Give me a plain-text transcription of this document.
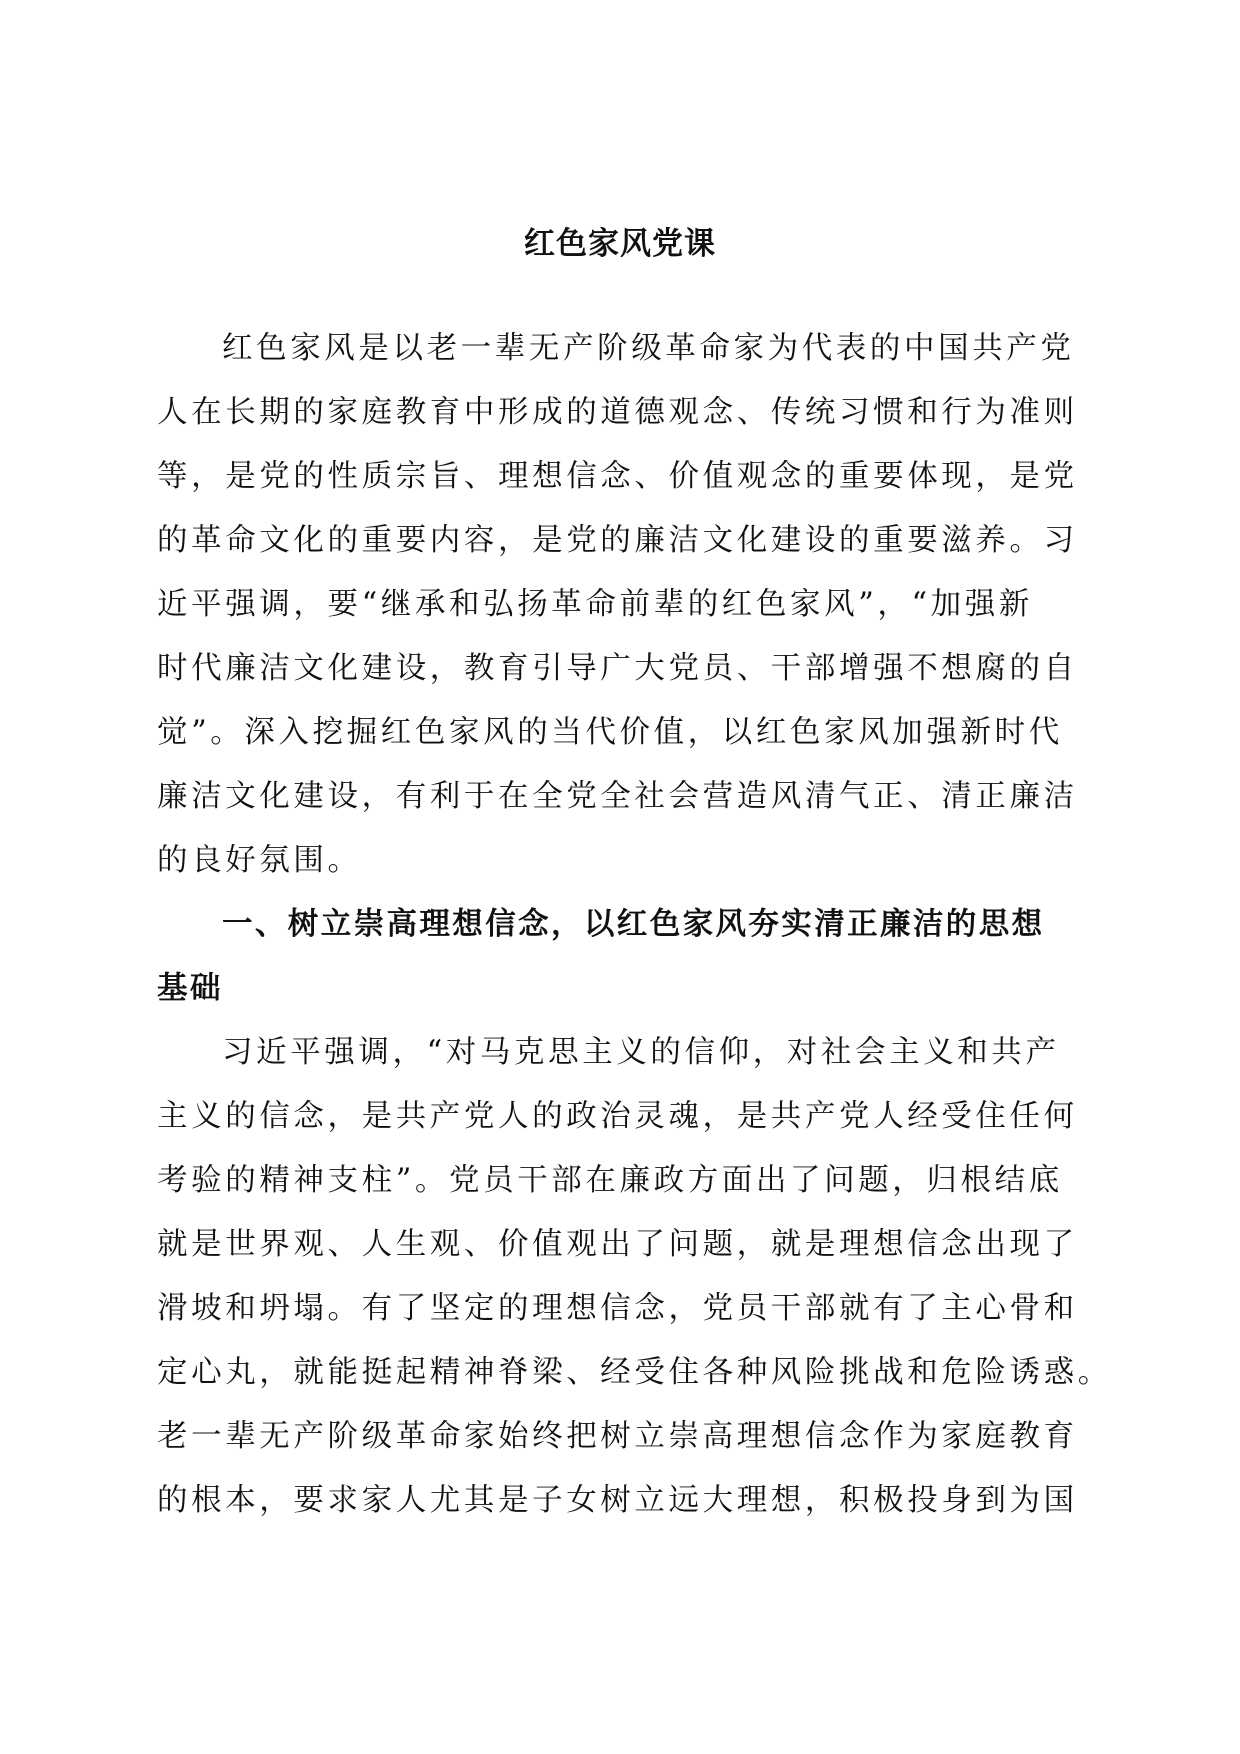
红色家风党课
红色家风是以老一辈无产阶级革命家为代表的中国共产党
人在长期的家庭教育中形成的道德观念、传统习惯和行为准则
等，是党的性质宗旨、理想信念、价值观念的重要体现，是党
的革命文化的重要内容，是党的廉洁文化建设的重要滋养。习
近平强调，要“继承和弘扬革命前辈的红色家风”，“加强新
时代廉洁文化建设，教育引导广大党员、干部增强不想腐的自
觉”。深入挖掘红色家风的当代价值，以红色家风加强新时代
廉洁文化建设，有利于在全党全社会营造风清气正、清正廉洁
的良好氛围。
一、树立崇高理想信念，以红色家风夯实清正廉洁的思想
基础
习近平强调，“对马克思主义的信仰，对社会主义和共产
主义的信念，是共产党人的政治灵魂，是共产党人经受住任何
考验的精神支柱”。党员干部在廉政方面出了问题，归根结底
就是世界观、人生观、价值观出了问题，就是理想信念出现了
滑坡和坍塌。有了坚定的理想信念，党员干部就有了主心骨和
定心丸，就能挺起精神脊梁、经受住各种风险挑战和危险诱惑。
老一辈无产阶级革命家始终把树立崇高理想信念作为家庭教育
的根本，要求家人尤其是子女树立远大理想，积极投身到为国
